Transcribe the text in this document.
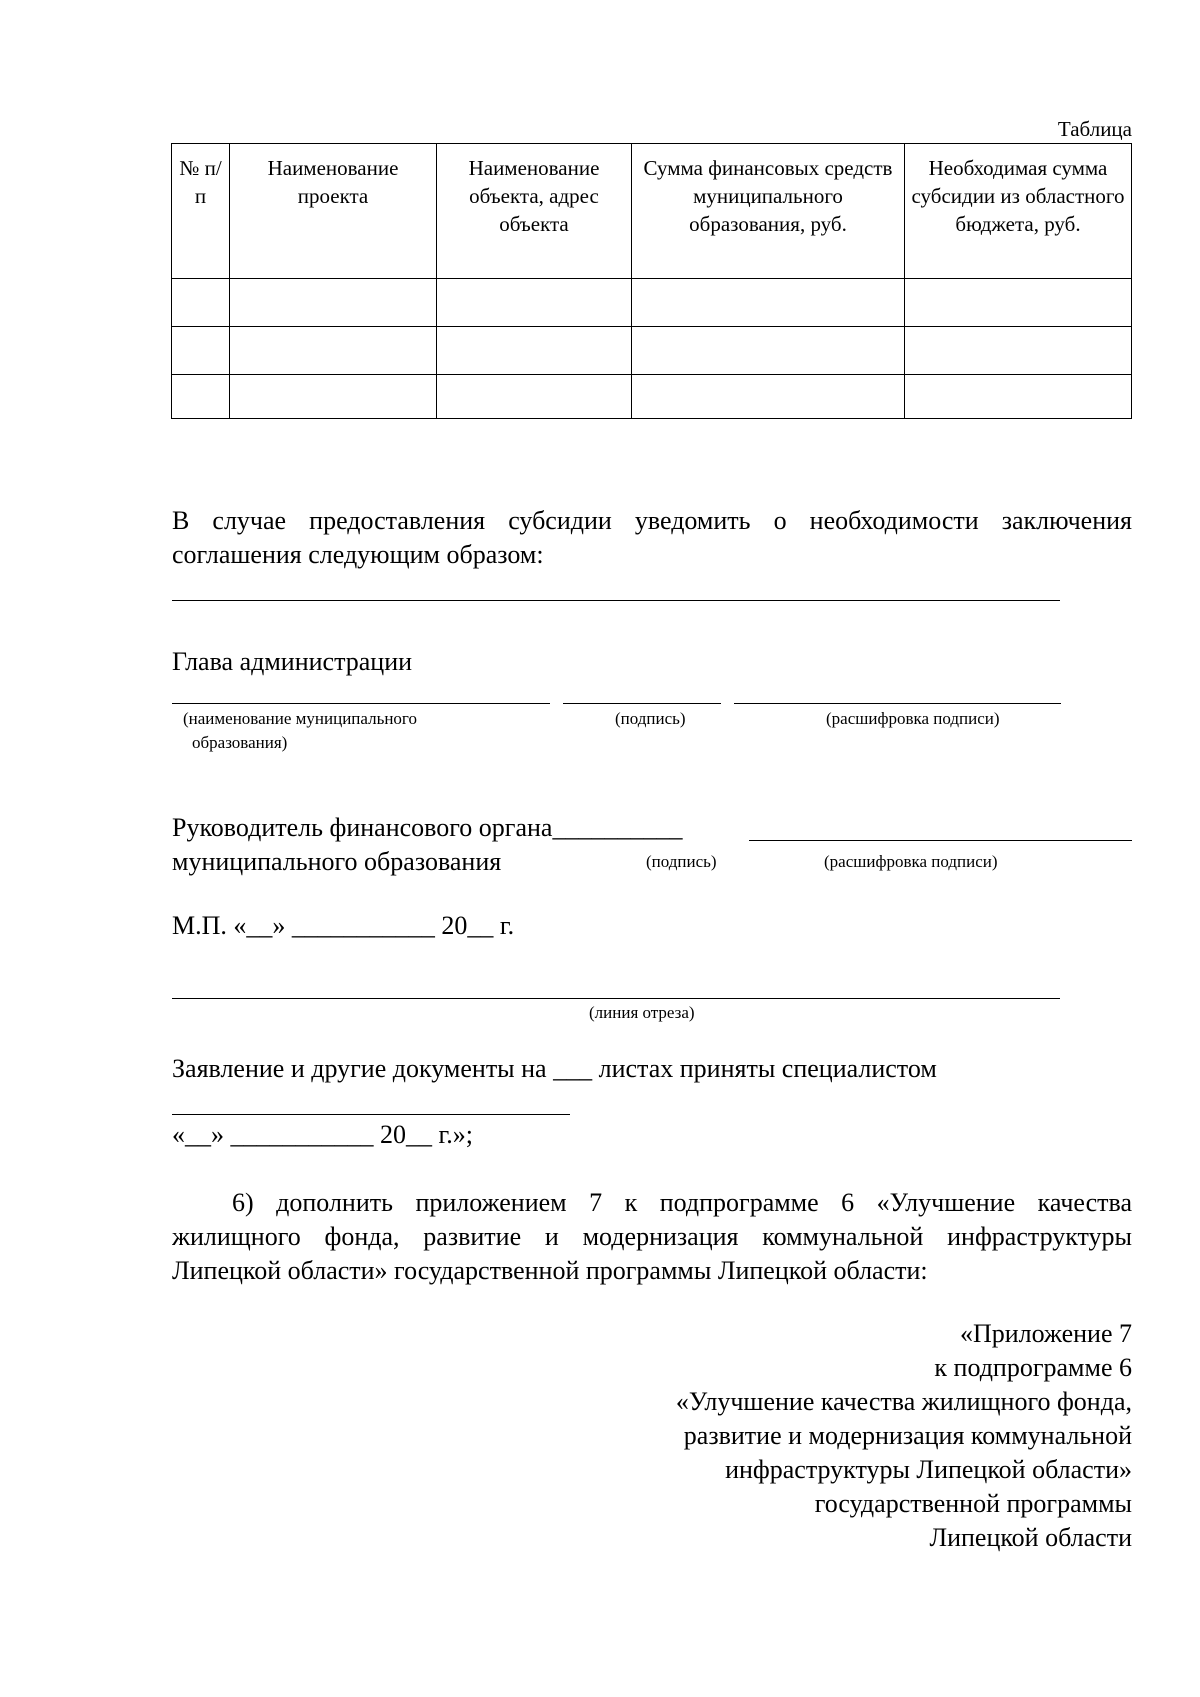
Таблица
№ п/п	Наименование проекта	Наименование объекта, адрес объекта	Сумма финансовых средств муниципального образования, руб.	Необходимая сумма субсидии из областного бюджета, руб.

В случае предоставления субсидии уведомить о необходимости заключения
соглашения следующим образом:
Глава администрации
(наименование муниципального
образования)
(подпись)	(расшифровка подписи)
Руководитель финансового органа__________
муниципального образования	(подпись)	(расшифровка подписи)
М.П. «__» ___________ 20__ г.
(линия отреза)
Заявление и другие документы на ___ листах приняты специалистом
«__» ___________ 20__ г.»;
6) дополнить приложением 7 к подпрограмме 6 «Улучшение качества
жилищного фонда, развитие и модернизация коммунальной инфраструктуры
Липецкой области» государственной программы Липецкой области:
«Приложение 7
к подпрограмме 6
«Улучшение качества жилищного фонда,
развитие и модернизация коммунальной
инфраструктуры Липецкой области»
государственной программы
Липецкой области
